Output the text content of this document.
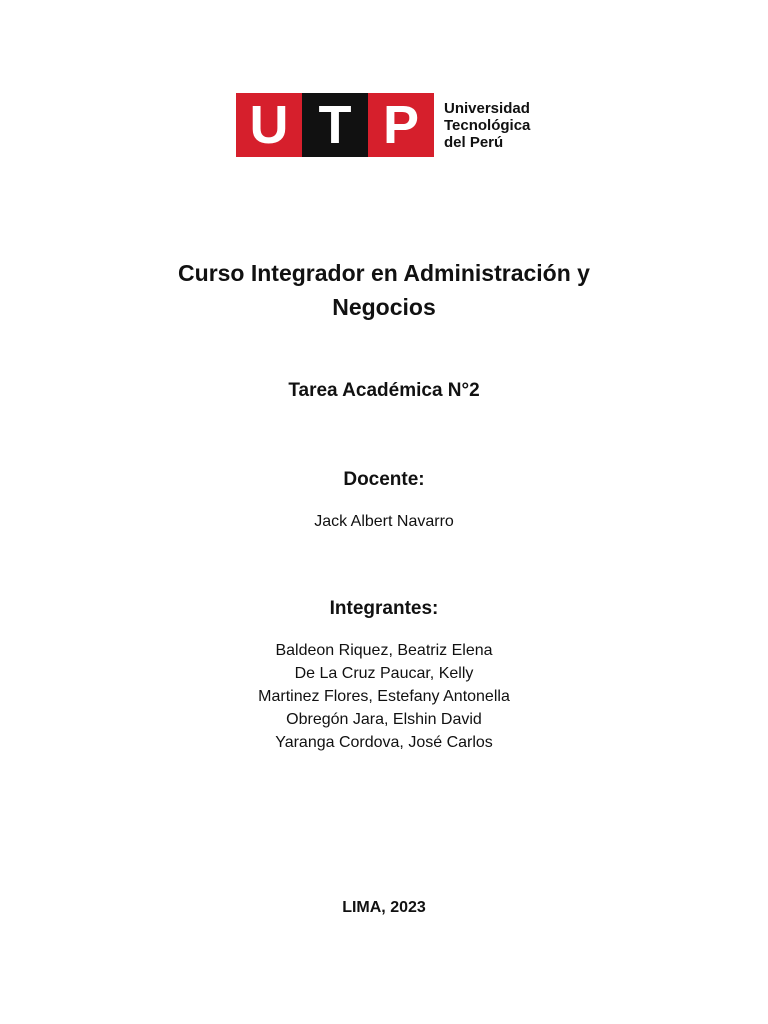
U T P	Universidad
Tecnológica
del Perú
Curso Integrador en Administración y
Negocios
Tarea Académica N°2
Docente:
Jack Albert Navarro
Integrantes:
Baldeon Riquez, Beatriz Elena
De La Cruz Paucar, Kelly
Martinez Flores, Estefany Antonella
Obregón Jara, Elshin David
Yaranga Cordova, José Carlos
LIMA, 2023
